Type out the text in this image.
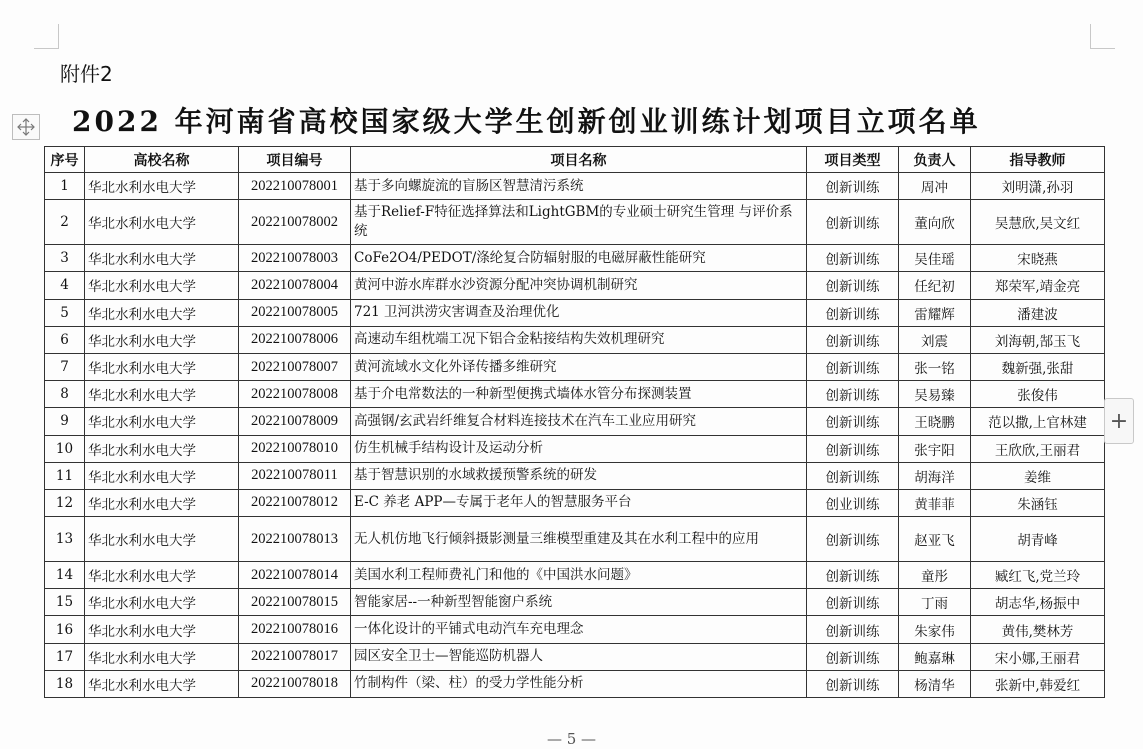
附件2
2022 年河南省高校国家级大学生创新创业训练计划项目立项名单
序号	高校名称	项目编号	项目名称	项目类型	负责人	指导教师
1	华北水利水电大学	202210078001	基于多向螺旋流的盲肠区智慧清污系统	创新训练	周冲	刘明潇,孙羽
2	华北水利水电大学	202210078002	基于Relief-F特征选择算法和LightGBM的专业硕士研究生管理 与评价系统	创新训练	董向欣	吴慧欣,吴文红
3	华北水利水电大学	202210078003	CoFe2O4/PEDOT/涤纶复合防辐射服的电磁屏蔽性能研究	创新训练	吴佳瑶	宋晓燕
4	华北水利水电大学	202210078004	黄河中游水库群水沙资源分配冲突协调机制研究	创新训练	任纪初	郑荣军,靖金亮
5	华北水利水电大学	202210078005	721 卫河洪涝灾害调查及治理优化	创新训练	雷耀辉	潘建波
6	华北水利水电大学	202210078006	高速动车组枕端工况下铝合金粘接结构失效机理研究	创新训练	刘震	刘海朝,郜玉飞
7	华北水利水电大学	202210078007	黄河流域水文化外译传播多维研究	创新训练	张一铭	魏新强,张甜
8	华北水利水电大学	202210078008	基于介电常数法的一种新型便携式墙体水管分布探测装置	创新训练	吴易臻	张俊伟
9	华北水利水电大学	202210078009	高强钢/玄武岩纤维复合材料连接技术在汽车工业应用研究	创新训练	王晓鹏	范以撒,上官林建
10	华北水利水电大学	202210078010	仿生机械手结构设计及运动分析	创新训练	张宇阳	王欣欣,王丽君
11	华北水利水电大学	202210078011	基于智慧识别的水域救援预警系统的研发	创新训练	胡海洋	姜维
12	华北水利水电大学	202210078012	E-C 养老 APP—专属于老年人的智慧服务平台	创业训练	黄菲菲	朱涵钰
13	华北水利水电大学	202210078013	无人机仿地飞行倾斜摄影测量三维模型重建及其在水利工程中的应用	创新训练	赵亚飞	胡青峰
14	华北水利水电大学	202210078014	美国水利工程师费礼门和他的《中国洪水问题》	创新训练	童彤	臧红飞,党兰玲
15	华北水利水电大学	202210078015	智能家居--一种新型智能窗户系统	创新训练	丁雨	胡志华,杨振中
16	华北水利水电大学	202210078016	一体化设计的平铺式电动汽车充电理念	创新训练	朱家伟	黄伟,樊林芳
17	华北水利水电大学	202210078017	园区安全卫士—智能巡防机器人	创新训练	鲍嘉琳	宋小娜,王丽君
18	华北水利水电大学	202210078018	竹制构件（梁、柱）的受力学性能分析	创新训练	杨清华	张新中,韩爱红
+
— 5 —
